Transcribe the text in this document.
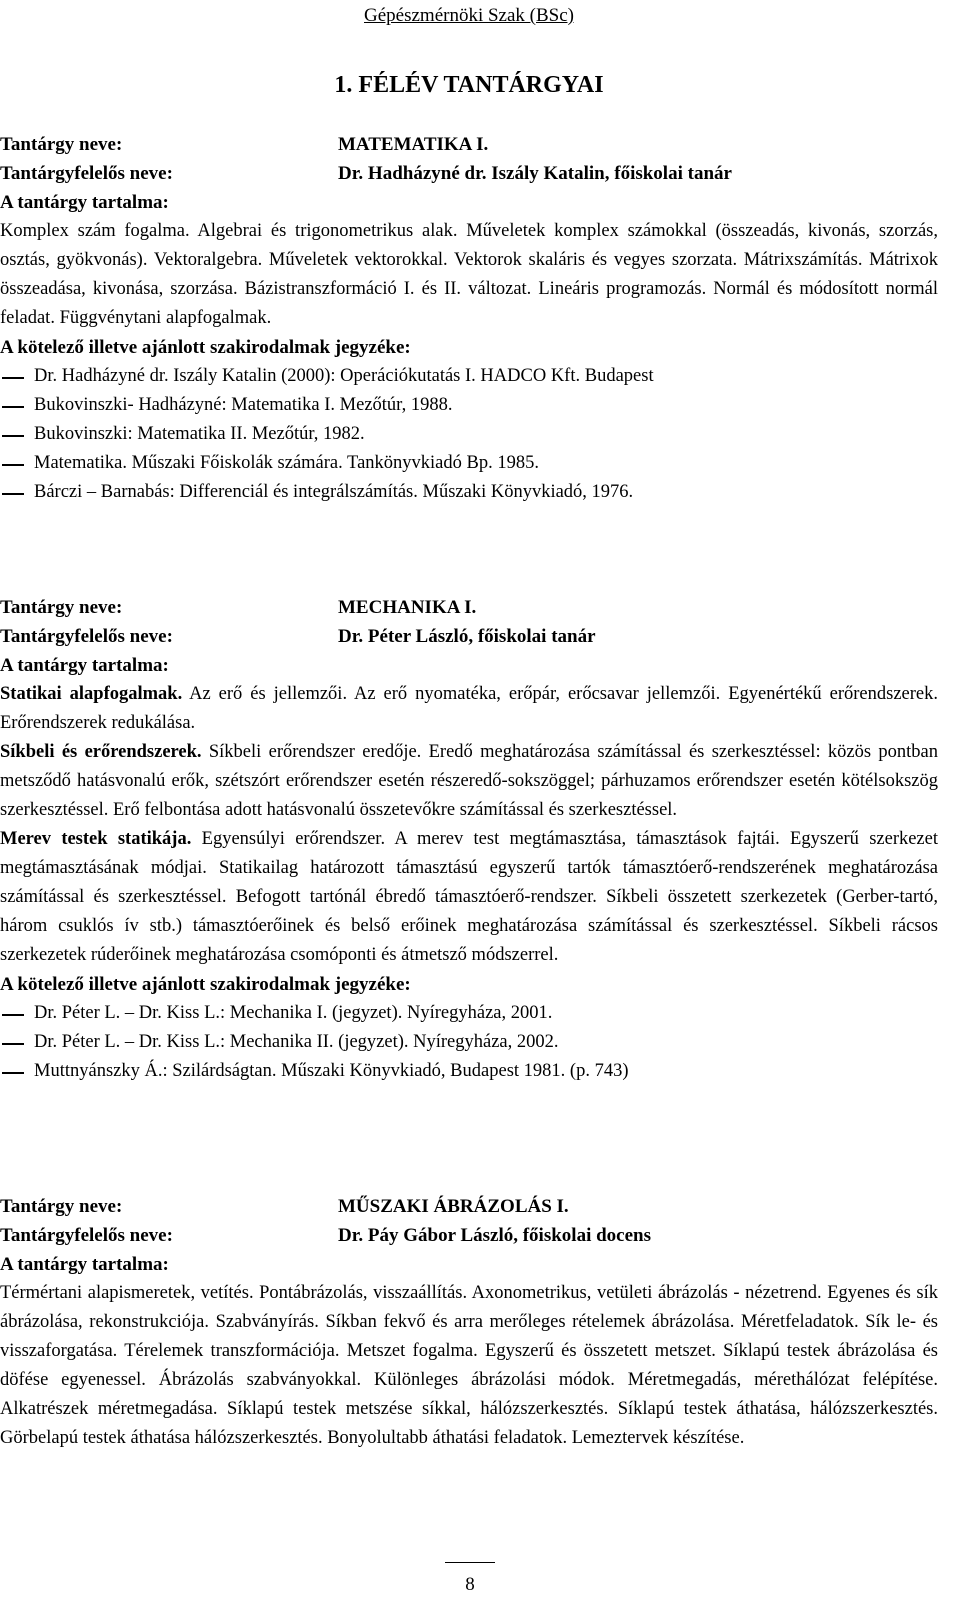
Gépészmérnöki Szak (BSc)
1. FÉLÉV TANTÁRGYAI
Tantárgy neve:	MATEMATIKA I.
Tantárgyfelelős neve:	Dr. Hadházyné dr. Iszály Katalin, főiskolai tanár
A tantárgy tartalma:
Komplex szám fogalma. Algebrai és trigonometrikus alak. Műveletek komplex számokkal (összeadás, kivonás, szorzás, osztás, gyökvonás). Vektoralgebra. Műveletek vektorokkal. Vektorok skaláris és vegyes szorzata. Mátrixszámítás. Mátrixok összeadása, kivonása, szorzása. Bázistranszformáció I. és II. változat. Lineáris programozás. Normál és módosított normál feladat. Függvénytani alapfogalmak.
A kötelező illetve ajánlott szakirodalmak jegyzéke:
Dr. Hadházyné dr. Iszály Katalin (2000): Operációkutatás I. HADCO Kft. Budapest
Bukovinszki- Hadházyné: Matematika I. Mezőtúr, 1988.
Bukovinszki: Matematika II. Mezőtúr, 1982.
Matematika. Műszaki Főiskolák számára. Tankönyvkiadó Bp. 1985.
Bárczi – Barnabás: Differenciál és integrálszámítás. Műszaki Könyvkiadó, 1976.
Tantárgy neve:	MECHANIKA I.
Tantárgyfelelős neve:	Dr. Péter László, főiskolai tanár
A tantárgy tartalma:
Statikai alapfogalmak. Az erő és jellemzői. Az erő nyomatéka, erőpár, erőcsavar jellemzői. Egyenértékű erőrendszerek. Erőrendszerek redukálása.
Síkbeli és erőrendszerek. Síkbeli erőrendszer eredője. Eredő meghatározása számítással és szerkesztéssel: közös pontban metsződő hatásvonalú erők, szétszórt erőrendszer esetén részeredő-sokszöggel; párhuzamos erőrendszer esetén kötélsokszög szerkesztéssel. Erő felbontása adott hatásvonalú összetevőkre számítással és szerkesztéssel.
Merev testek statikája. Egyensúlyi erőrendszer. A merev test megtámasztása, támasztások fajtái. Egyszerű szerkezet megtámasztásának módjai. Statikailag határozott támasztású egyszerű tartók támasztóerő-rendszerének meghatározása számítással és szerkesztéssel. Befogott tartónál ébredő támasztóerő-rendszer. Síkbeli összetett szerkezetek (Gerber-tartó, három csuklós ív stb.) támasztóerőinek és belső erőinek meghatározása számítással és szerkesztéssel. Síkbeli rácsos szerkezetek rúderőinek meghatározása csomóponti és átmetsző módszerrel.
A kötelező illetve ajánlott szakirodalmak jegyzéke:
Dr. Péter L. – Dr. Kiss L.: Mechanika I. (jegyzet). Nyíregyháza, 2001.
Dr. Péter L. – Dr. Kiss L.: Mechanika II. (jegyzet). Nyíregyháza, 2002.
Muttnyánszky Á.: Szilárdságtan. Műszaki Könyvkiadó, Budapest 1981. (p. 743)
Tantárgy neve:	MŰSZAKI ÁBRÁZOLÁS I.
Tantárgyfelelős neve:	Dr. Páy Gábor László, főiskolai docens
A tantárgy tartalma:
Térmértani alapismeretek, vetítés. Pontábrázolás, visszaállítás. Axonometrikus, vetületi ábrázolás - nézetrend. Egyenes és sík ábrázolása, rekonstrukciója. Szabványírás. Síkban fekvő és arra merőleges rételemek ábrázolása. Méretfeladatok. Sík le- és visszaforgatása. Térelemek transzformációja. Metszet fogalma. Egyszerű és összetett metszet. Síklapú testek ábrázolása és döfése egyenessel. Ábrázolás szabványokkal. Különleges ábrázolási módok. Méretmegadás, mérethálózat felépítése. Alkatrészek méretmegadása. Síklapú testek metszése síkkal, hálózszerkesztés. Síklapú testek áthatása, hálózszerkesztés. Görbelapú testek áthatása hálózszerkesztés. Bonyolultabb áthatási feladatok. Lemeztervek készítése.
8
